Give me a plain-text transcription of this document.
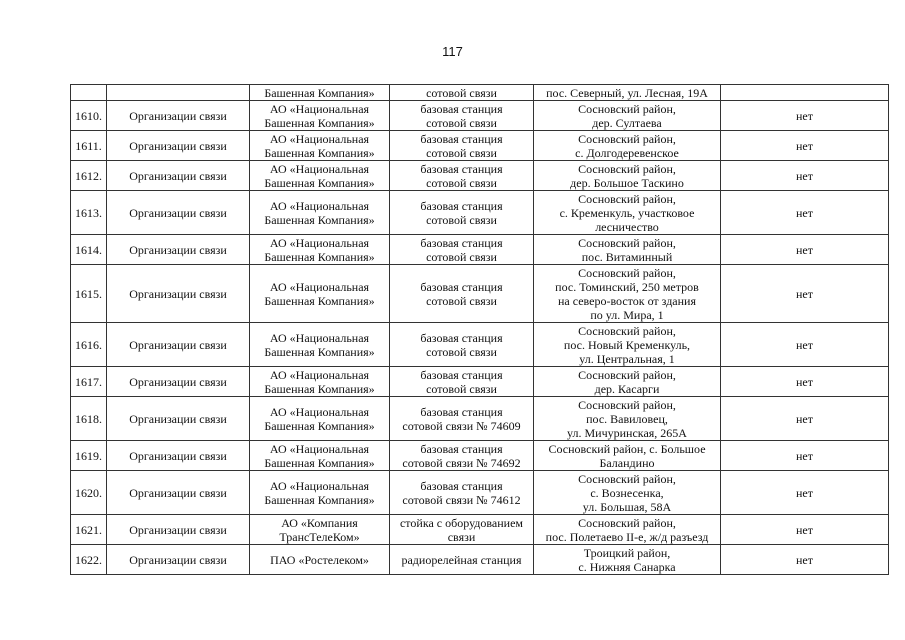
117
		Башенная Компания»	сотовой связи	пос. Северный, ул. Лесная, 19А	
1610.	Организации связи	АО «Национальная
Башенная Компания»	базовая станция
сотовой связи	Сосновский район,
дер. Султаева	нет
1611.	Организации связи	АО «Национальная
Башенная Компания»	базовая станция
сотовой связи	Сосновский район,
с. Долгодеревенское	нет
1612.	Организации связи	АО «Национальная
Башенная Компания»	базовая станция
сотовой связи	Сосновский район,
дер. Большое Таскино	нет
1613.	Организации связи	АО «Национальная
Башенная Компания»	базовая станция
сотовой связи	Сосновский район,
с. Кременкуль, участковое
лесничество	нет
1614.	Организации связи	АО «Национальная
Башенная Компания»	базовая станция
сотовой связи	Сосновский район,
пос. Витаминный	нет
1615.	Организации связи	АО «Национальная
Башенная Компания»	базовая станция
сотовой связи	Сосновский район,
пос. Томинский, 250 метров
на северо-восток от здания
по ул. Мира, 1	нет
1616.	Организации связи	АО «Национальная
Башенная Компания»	базовая станция
сотовой связи	Сосновский район,
пос. Новый Кременкуль,
ул. Центральная, 1	нет
1617.	Организации связи	АО «Национальная
Башенная Компания»	базовая станция
сотовой связи	Сосновский район,
дер. Касарги	нет
1618.	Организации связи	АО «Национальная
Башенная Компания»	базовая станция
сотовой связи № 74609	Сосновский район,
пос. Вавиловец,
ул. Мичуринская, 265А	нет
1619.	Организации связи	АО «Национальная
Башенная Компания»	базовая станция
сотовой связи № 74692	Сосновский район, с. Большое
Баландино	нет
1620.	Организации связи	АО «Национальная
Башенная Компания»	базовая станция
сотовой связи № 74612	Сосновский район,
с. Вознесенка,
ул. Большая, 58А	нет
1621.	Организации связи	АО «Компания
ТрансТелеКом»	стойка с оборудованием
связи	Сосновский район,
пос. Полетаево II-е, ж/д разъезд	нет
1622.	Организации связи	ПАО «Ростелеком»	радиорелейная станция	Троицкий район,
с. Нижняя Санарка	нет
